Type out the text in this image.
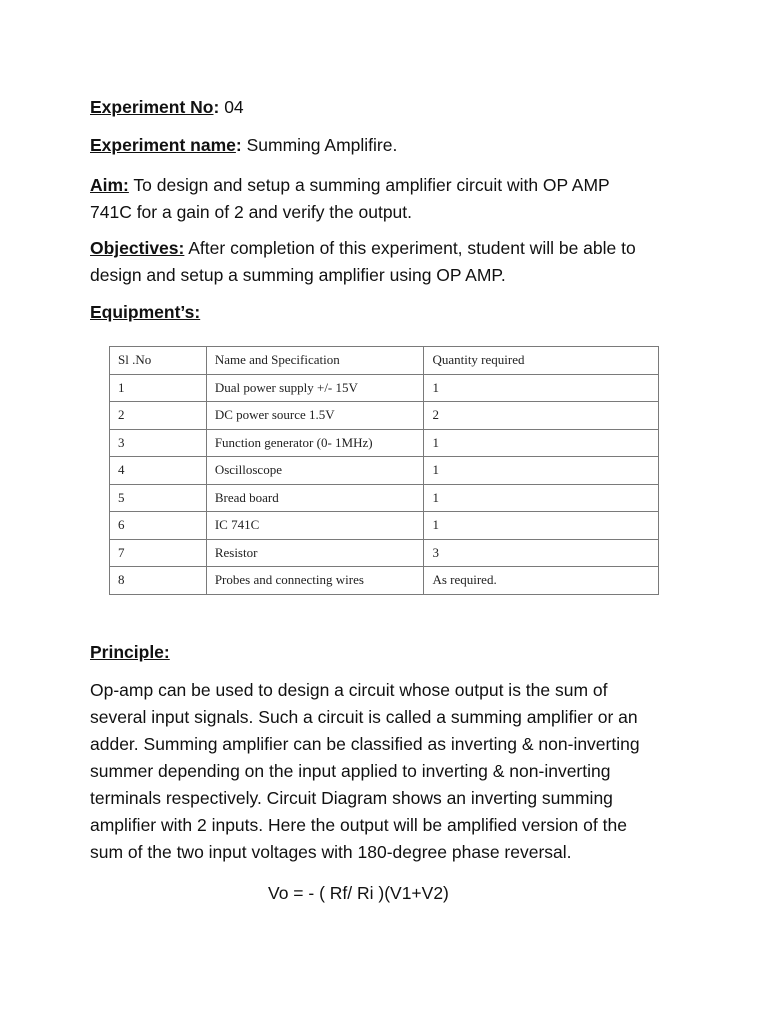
Experiment No: 04
Experiment name: Summing Amplifire.
Aim: To design and setup a summing amplifier circuit with OP AMP
741C for a gain of 2 and verify the output.
Objectives: After completion of this experiment, student will be able to
design and setup a summing amplifier using OP AMP.
Equipment’s:
Sl .No	Name and Specification	Quantity required
1	Dual power supply +/- 15V	1
2	DC power source 1.5V	2
3	Function generator (0- 1MHz)	1
4	Oscilloscope	1
5	Bread board	1
6	IC 741C	1
7	Resistor	3
8	Probes and connecting wires	As required.
Principle:
Op-amp can be used to design a circuit whose output is the sum of
several input signals. Such a circuit is called a summing amplifier or an
adder. Summing amplifier can be classified as inverting & non-inverting
summer depending on the input applied to inverting & non-inverting
terminals respectively. Circuit Diagram shows an inverting summing
amplifier with 2 inputs. Here the output will be amplified version of the
sum of the two input voltages with 180-degree phase reversal.
Vo = - ( Rf/ Ri )(V1+V2)
